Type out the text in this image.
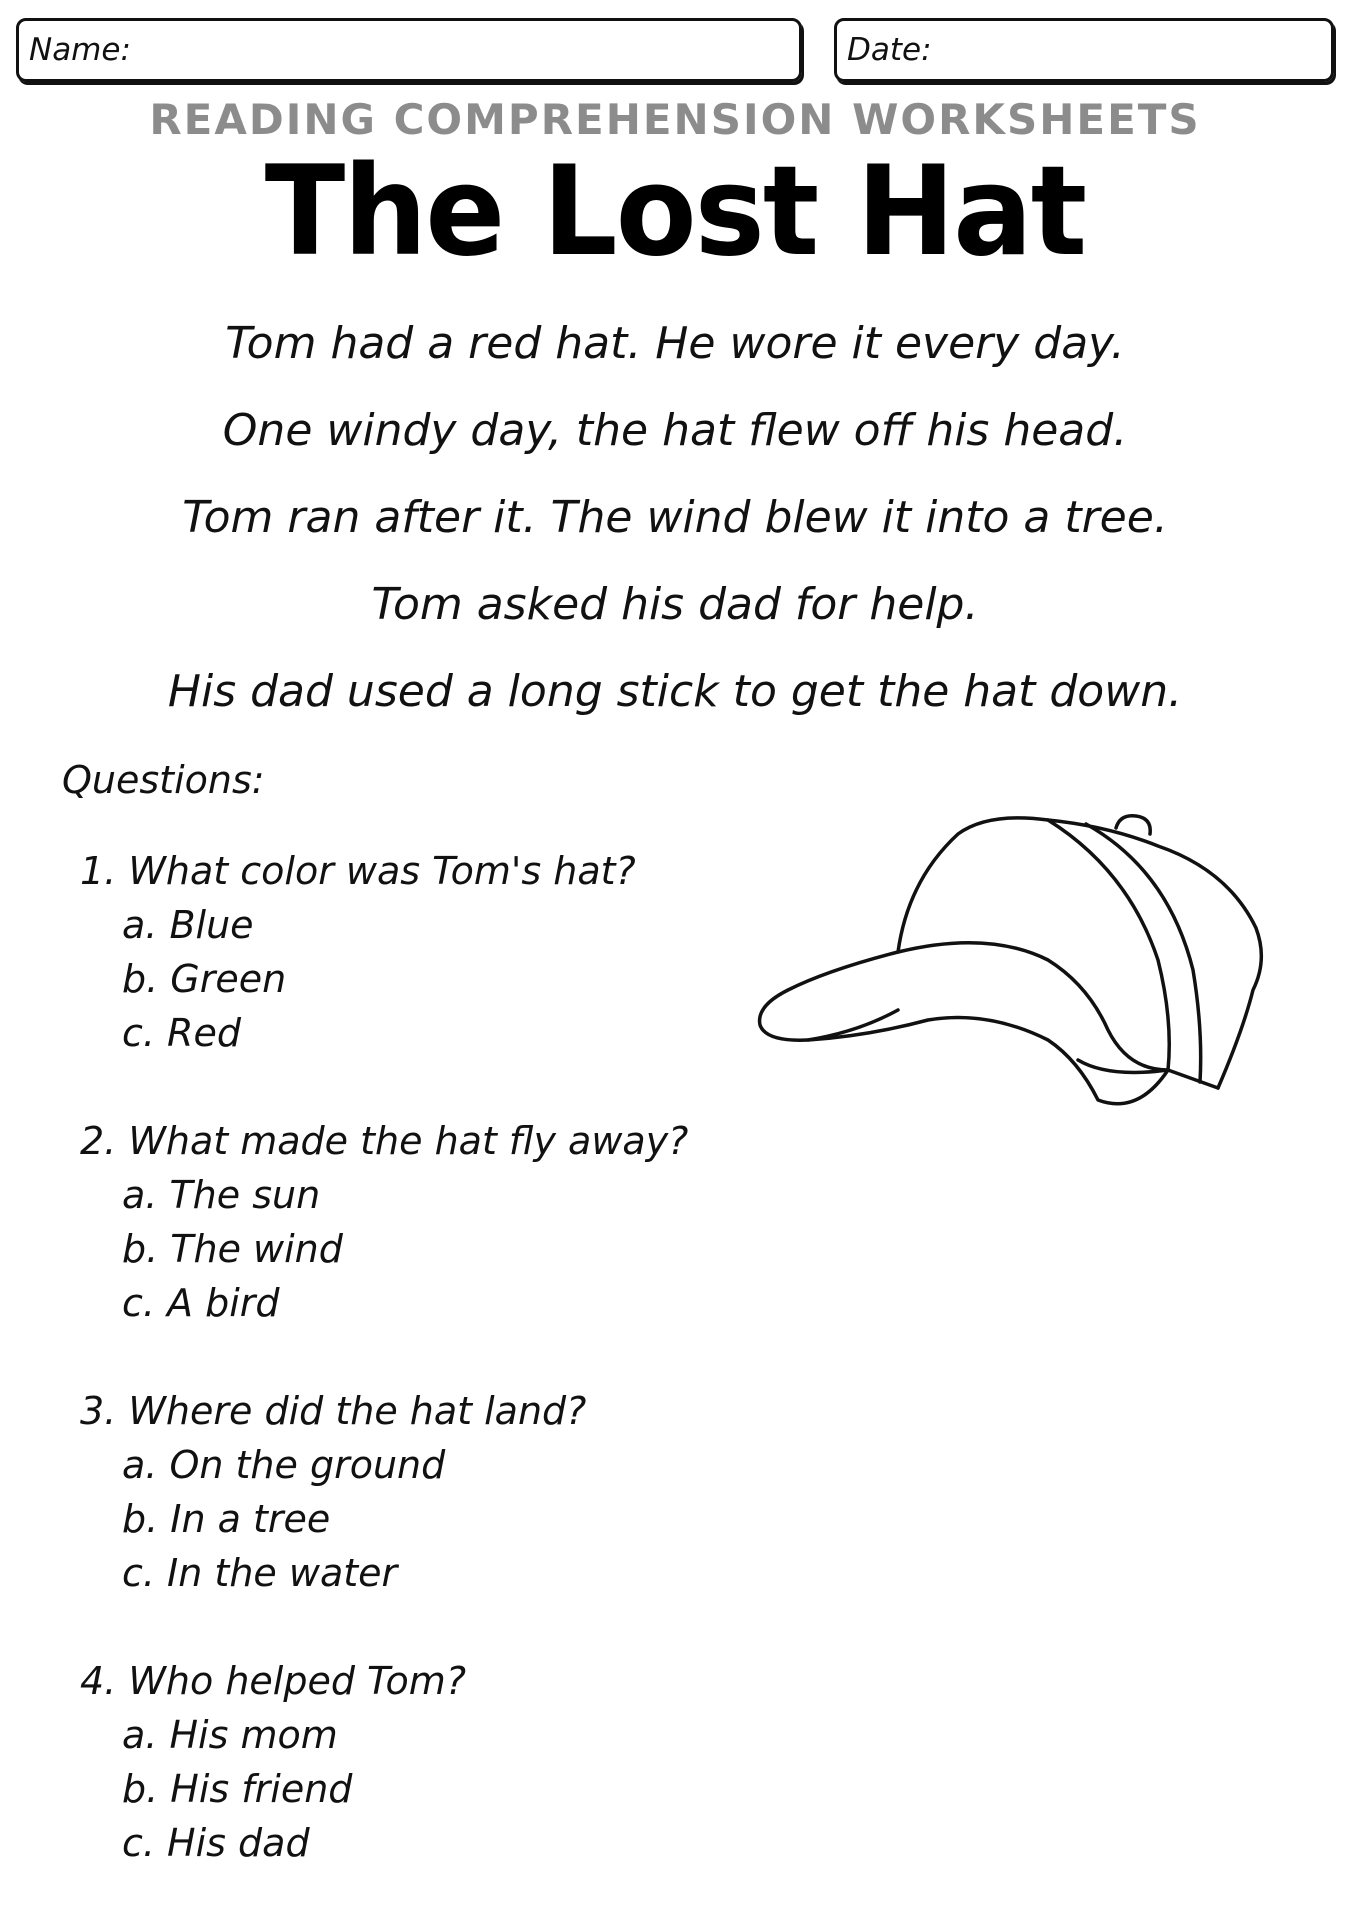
Name:	Date:
READING COMPREHENSION WORKSHEETS
The Lost Hat
Tom had a red hat. He wore it every day.
One windy day, the hat flew off his head.
Tom ran after it. The wind blew it into a tree.
Tom asked his dad for help.
His dad used a long stick to get the hat down.
Questions:
1. What color was Tom's hat?
a. Blue
b. Green
c. Red
2. What made the hat fly away?
a. The sun
b. The wind
c. A bird
3. Where did the hat land?
a. On the ground
b. In a tree
c. In the water
4. Who helped Tom?
a. His mom
b. His friend
c. His dad
